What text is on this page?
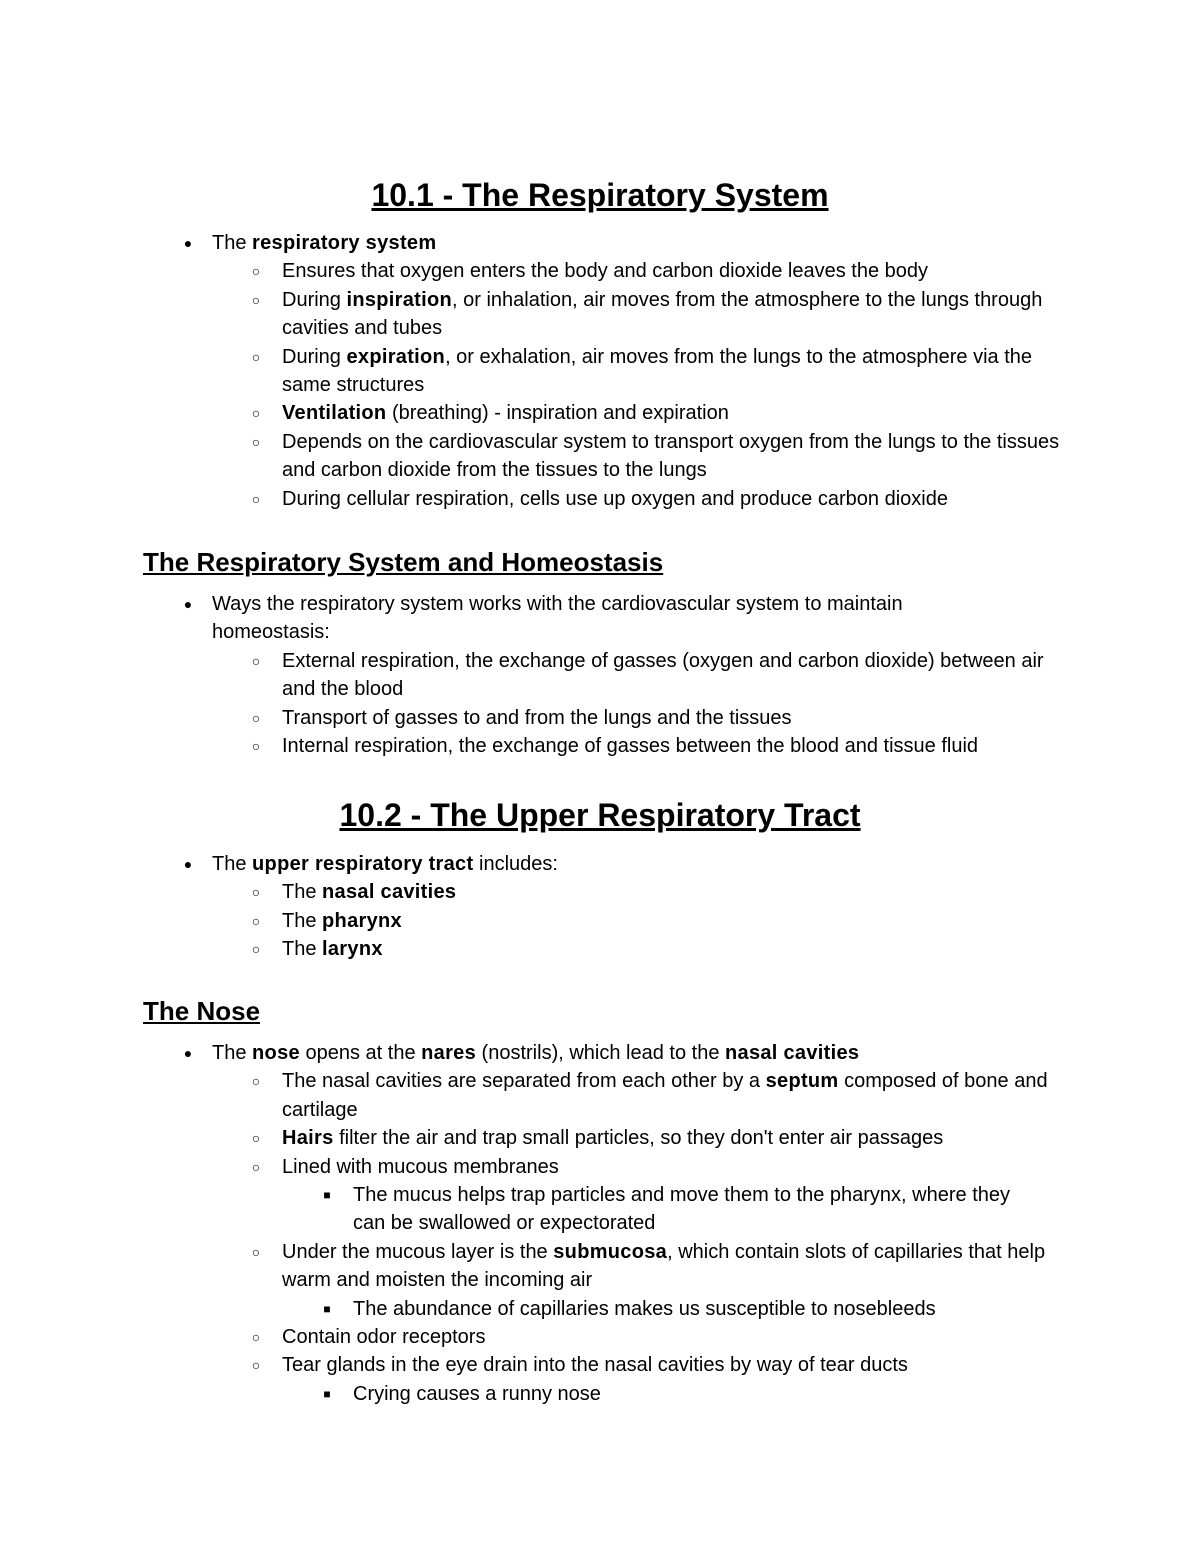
10.1 - The Respiratory System
● The respiratory system
○ Ensures that oxygen enters the body and carbon dioxide leaves the body
○ During inspiration, or inhalation, air moves from the atmosphere to the lungs through cavities and tubes
○ During expiration, or exhalation, air moves from the lungs to the atmosphere via the same structures
○ Ventilation (breathing) - inspiration and expiration
○ Depends on the cardiovascular system to transport oxygen from the lungs to the tissues and carbon dioxide from the tissues to the lungs
○ During cellular respiration, cells use up oxygen and produce carbon dioxide
The Respiratory System and Homeostasis
● Ways the respiratory system works with the cardiovascular system to maintain homeostasis:
○ External respiration, the exchange of gasses (oxygen and carbon dioxide) between air and the blood
○ Transport of gasses to and from the lungs and the tissues
○ Internal respiration, the exchange of gasses between the blood and tissue fluid
10.2 - The Upper Respiratory Tract
● The upper respiratory tract includes:
○ The nasal cavities
○ The pharynx
○ The larynx
The Nose
● The nose opens at the nares (nostrils), which lead to the nasal cavities
○ The nasal cavities are separated from each other by a septum composed of bone and cartilage
○ Hairs filter the air and trap small particles, so they don't enter air passages
○ Lined with mucous membranes
■	The mucus helps trap particles and move them to the pharynx, where they can be swallowed or expectorated
○ Under the mucous layer is the submucosa, which contain slots of capillaries that help warm and moisten the incoming air
■	The abundance of capillaries makes us susceptible to nosebleeds
○ Contain odor receptors
○ Tear glands in the eye drain into the nasal cavities by way of tear ducts
■	Crying causes a runny nose
